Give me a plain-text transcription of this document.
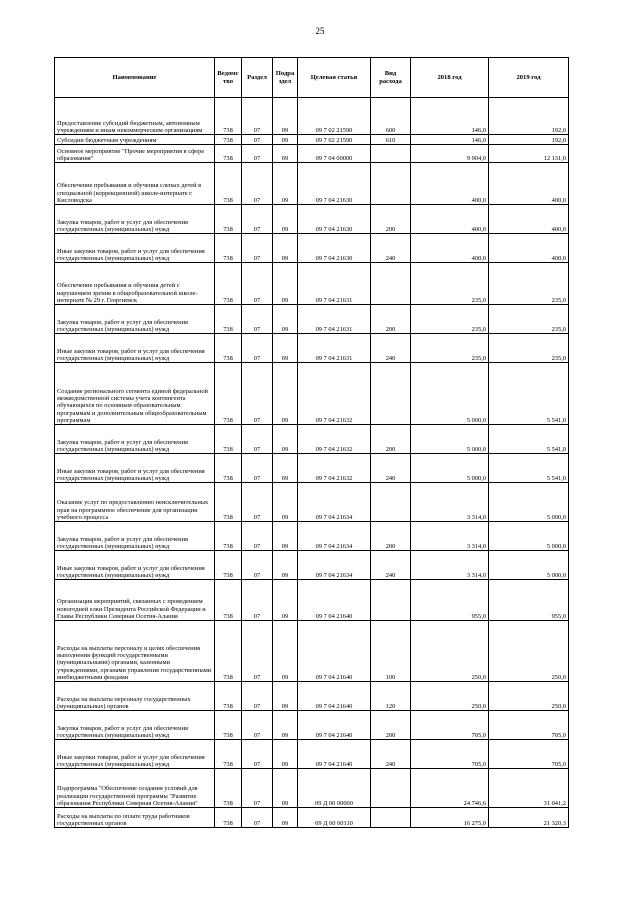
25
Наименование	Ведомс тво	Раздел	Подра здел	Целевая статья	Вид расхода	2018 год	2019 год
Предоставление субсидий бюджетным, автономным учреждениям и иным некоммерческим организациям	738	07	09	09 7 02 21590	600	146,0	192,0
Субсидии бюджетным учреждениям	738	07	09	09 7 02 21590	610	146,0	192,0
Основное мероприятие "Прочие мероприятия в сфере образования"	738	07	09	09 7 04 00000		9 904,0	12 131,0
Обеспечение пребывания и обучения слепых детей в специальной (коррекционной) школе-интернате г. Кисловодска	738	07	09	09 7 04 21630		400,0	400,0
Закупка товаров, работ и услуг для обеспечения государственных (муниципальных) нужд	738	07	09	09 7 04 21630	200	400,0	400,0
Иные закупки товаров, работ и услуг для обеспечения государственных (муниципальных) нужд	738	07	09	09 7 04 21630	240	400,0	400,0
Обеспечение пребывания и обучения детей с нарушением зрения в общеобразовательной школе-интернате № 29 г. Георгиевск	738	07	09	09 7 04 21631		235,0	235,0
Закупка товаров, работ и услуг для обеспечения государственных (муниципальных) нужд	738	07	09	09 7 04 21631	200	235,0	235,0
Иные закупки товаров, работ и услуг для обеспечения государственных (муниципальных) нужд	738	07	09	09 7 04 21631	240	235,0	235,0
Создание регионального сегмента единой федеральной межведомственной системы учета контингента обучающихся по основным образовательным программам и дополнительным общеобразовательным программам	738	07	09	09 7 04 21632		5 000,0	5 541,0
Закупка товаров, работ и услуг для обеспечения государственных (муниципальных) нужд	738	07	09	09 7 04 21632	200	5 000,0	5 541,0
Иные закупки товаров, работ и услуг для обеспечения государственных (муниципальных) нужд	738	07	09	09 7 04 21632	240	5 000,0	5 541,0
Оказание услуг по предоставлению неисключительных прав на программное обеспечение для организации учебного процесса	738	07	09	09 7 04 21634		3 314,0	5 000,0
Закупка товаров, работ и услуг для обеспечения государственных (муниципальных) нужд	738	07	09	09 7 04 21634	200	3 314,0	5 000,0
Иные закупки товаров, работ и услуг для обеспечения государственных (муниципальных) нужд	738	07	09	09 7 04 21634	240	3 314,0	5 000,0
Организация мероприятий, связанных с проведением новогодней елки Президента Российской Федерации и Главы Республики Северная Осетия-Алания	738	07	09	09 7 04 21640		955,0	955,0
Расходы на выплаты персоналу в целях обеспечения выполнения функций государственными (муниципальными) органами, казенными учреждениями, органами управления государственными внебюджетными фондами	738	07	09	09 7 04 21640	100	250,0	250,0
Расходы на выплаты персоналу государственных (муниципальных) органов	738	07	09	09 7 04 21640	120	250,0	250,0
Закупка товаров, работ и услуг для обеспечения государственных (муниципальных) нужд	738	07	09	09 7 04 21640	200	705,0	705,0
Иные закупки товаров, работ и услуг для обеспечения государственных (муниципальных) нужд	738	07	09	09 7 04 21640	240	705,0	705,0
Подпрограмма "Обеспечение создания условий для реализации государственной программы "Развитие образования Республики Северная Осетия-Алания"	738	07	09	09 Д 00 00000		24 746,6	31 041,2
Расходы на выплаты по оплате труда работников государственных органов	738	07	09	09 Д 00 00110		16 275,0	21 320,3
